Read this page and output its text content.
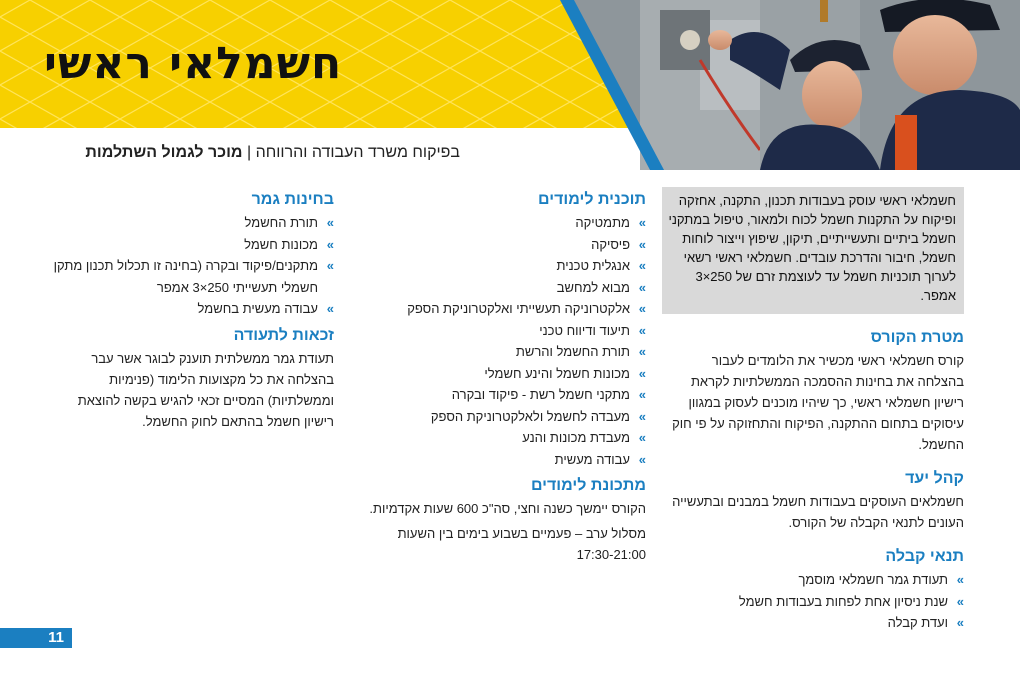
חשמלאי ראשי
בפיקוח משרד העבודה והרווחה | מוכר לגמול השתלמות
חשמלאי ראשי עוסק בעבודות תכנון, התקנה, אחזקה ופיקוח על התקנות חשמל לכוח ולמאור, טיפול במתקני חשמל ביתיים ותעשייתיים, תיקון, שיפוץ וייצור לוחות חשמל, חיבור והדרכת עובדים. חשמלאי ראשי רשאי לערוך תוכניות חשמל עד לעוצמת זרם של 250×3 אמפר.
מטרת הקורס

קורס חשמלאי ראשי מכשיר את הלומדים לעבור בהצלחה את בחינות ההסמכה הממשלתיות לקראת רישיון חשמלאי ראשי, כך שיהיו מוכנים לעסוק במגוון עיסוקים בתחום ההתקנה, הפיקוח והתחזוקה על פי חוק החשמל.

קהל יעד

חשמלאים העוסקים בעבודות חשמל במבנים ובתעשייה העונים לתנאי הקבלה של הקורס.

תנאי קבלה
»
תעודת גמר חשמלאי מוסמך
»
שנת ניסיון אחת לפחות בעבודות חשמל
»
ועדת קבלה
תוכנית לימודים
»
מתמטיקה
»
פיסיקה
»
אנגלית טכנית
»
מבוא למחשב
»
אלקטרוניקה תעשייתי ואלקטרוניקת הספק
»
תיעוד ודיווח טכני
»
תורת החשמל והרשת
»
מכונות חשמל והינע חשמלי
»
מתקני חשמל רשת - פיקוד ובקרה
»
מעבדה לחשמל ולאלקטרוניקת הספק
»
מעבדת מכונות והנע
»
עבודה מעשית
מתכונת לימודים

הקורס יימשך כשנה וחצי, סה"כ 600 שעות אקדמיות.

מסלול ערב – פעמיים בשבוע בימים בין השעות

17:30-21:00

בחינות גמר
»
תורת החשמל
»
מכונות חשמל
»
מתקנים/פיקוד ובקרה (בחינה זו תכלול תכנון מתקן חשמלי תעשייתי 250×3 אמפר
»
עבודה מעשית בחשמל
זכאות לתעודה

תעודת גמר ממשלתית תוענק לבוגר אשר עבר בהצלחה את כל מקצועות הלימוד (פנימיות וממשלתיות) המסיים זכאי להגיש בקשה להוצאת רישיון חשמל בהתאם לחוק החשמל.

11
